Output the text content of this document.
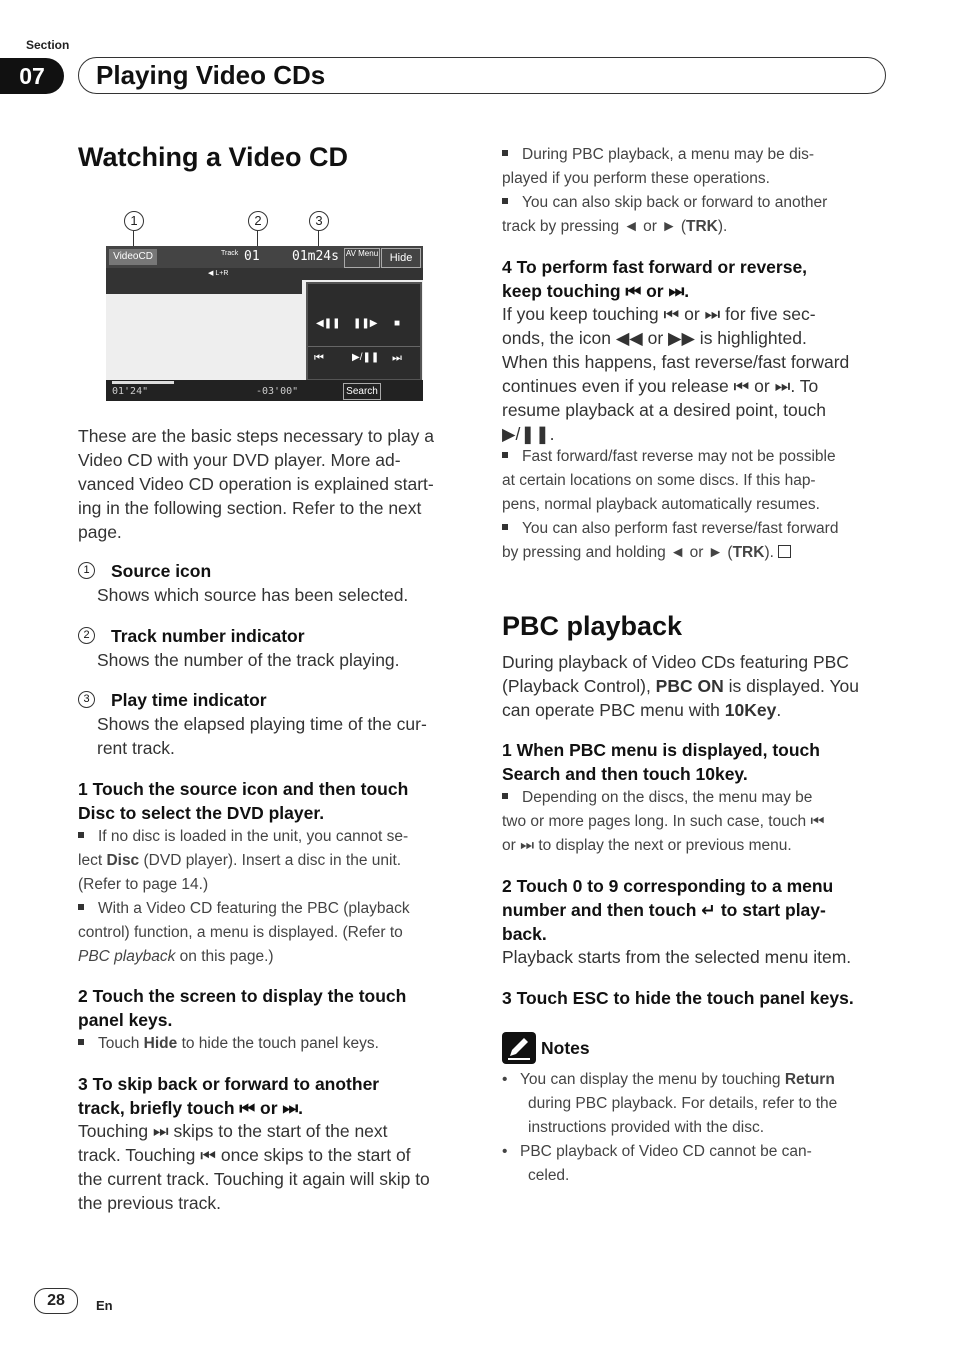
Section
07	Playing Video CDs
Watching a Video CD
1	2	3
VideoCD	Track 01 01m24s AV Menu	Hide
◀ L+R
◀❚❚ ❚❚▶ ■
⏮	▶/❚❚ ⏭
01'24"	-03'00"	Search
These are the basic steps necessary to play a
Video CD with your DVD player. More ad-
vanced Video CD operation is explained start-
ing in the following section. Refer to the next
page.
1 Source icon
Shows which source has been selected.
2 Track number indicator
Shows the number of the track playing.
3 Play time indicator
Shows the elapsed playing time of the cur-
rent track.
1 Touch the source icon and then touch
Disc to select the DVD player.
If no disc is loaded in the unit, you cannot se-
lect Disc (DVD player). Insert a disc in the unit.
(Refer to page 14.)
With a Video CD featuring the PBC (playback
control) function, a menu is displayed. (Refer to
PBC playback on this page.)
2 Touch the screen to display the touch
panel keys.
Touch Hide to hide the touch panel keys.
3 To skip back or forward to another
track, briefly touch ⏮ or ⏭.
Touching ⏭ skips to the start of the next
track. Touching ⏮ once skips to the start of
the current track. Touching it again will skip to
the previous track.
During PBC playback, a menu may be dis-
played if you perform these operations.
You can also skip back or forward to another
track by pressing ◄ or ► (TRK).
4 To perform fast forward or reverse,
keep touching ⏮ or ⏭.
If you keep touching ⏮ or ⏭ for five sec-
onds, the icon ◀◀ or ▶▶ is highlighted.
When this happens, fast reverse/fast forward
continues even if you release ⏮ or ⏭. To
resume playback at a desired point, touch
▶/❚❚.
Fast forward/fast reverse may not be possible
at certain locations on some discs. If this hap-
pens, normal playback automatically resumes.
You can also perform fast reverse/fast forward
by pressing and holding ◄ or ► (TRK).
PBC playback
During playback of Video CDs featuring PBC
(Playback Control), PBC ON is displayed. You
can operate PBC menu with 10Key.
1 When PBC menu is displayed, touch
Search and then touch 10key.
Depending on the discs, the menu may be
two or more pages long. In such case, touch ⏮
or ⏭ to display the next or previous menu.
2 Touch 0 to 9 corresponding to a menu
number and then touch ↵ to start play-
back.
Playback starts from the selected menu item.
3 Touch ESC to hide the touch panel keys.
Notes
• You can display the menu by touching Return
during PBC playback. For details, refer to the
instructions provided with the disc.
• PBC playback of Video CD cannot be can-
celed.
28	En
